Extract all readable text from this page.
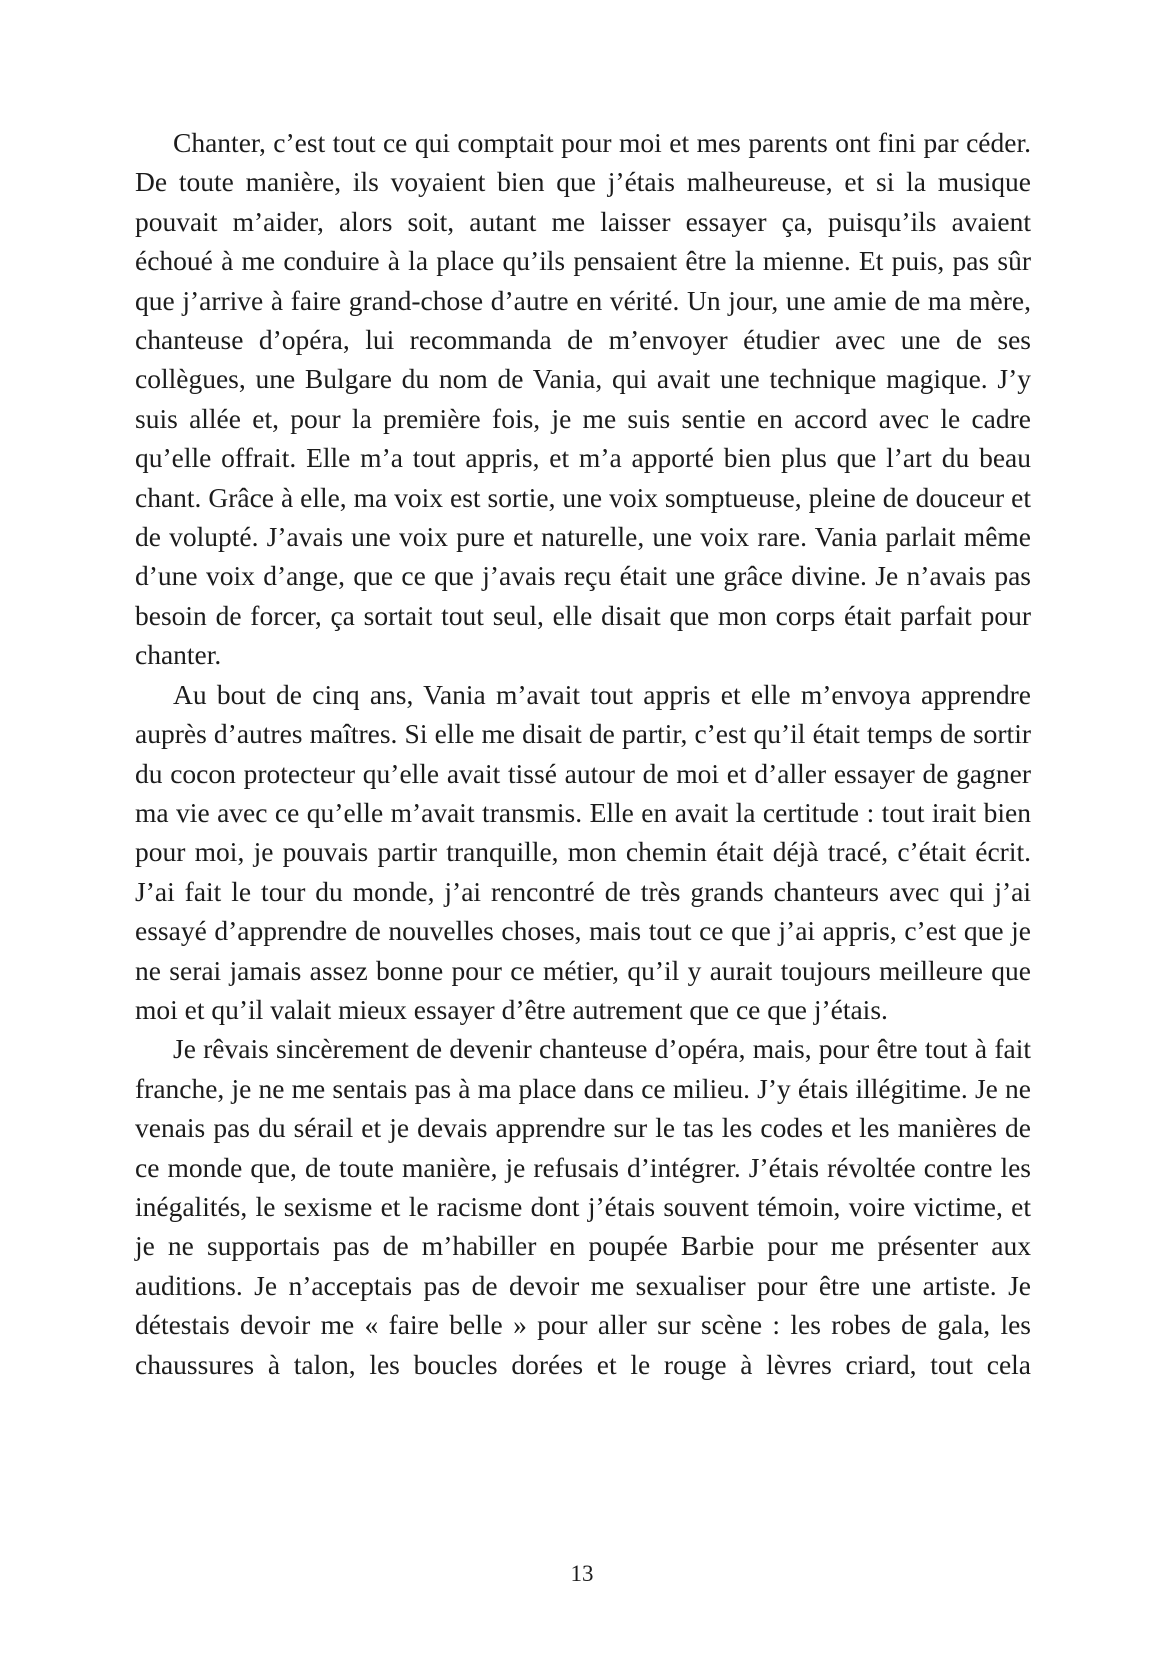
Chanter, c’est tout ce qui comptait pour moi et mes parents ont fini par céder. De toute manière, ils voyaient bien que j’étais malheureuse, et si la musique pouvait m’aider, alors soit, autant me laisser essayer ça, puisqu’ils avaient échoué à me conduire à la place qu’ils pensaient être la mienne. Et puis, pas sûr que j’arrive à faire grand-chose d’autre en vérité. Un jour, une amie de ma mère, chanteuse d’opéra, lui recommanda de m’envoyer étudier avec une de ses collègues, une Bulgare du nom de Vania, qui avait une technique magique. J’y suis allée et, pour la première fois, je me suis sentie en accord avec le cadre qu’elle offrait. Elle m’a tout appris, et m’a apporté bien plus que l’art du beau chant. Grâce à elle, ma voix est sortie, une voix somptueuse, pleine de douceur et de volupté. J’avais une voix pure et naturelle, une voix rare. Vania parlait même d’une voix d’ange, que ce que j’avais reçu était une grâce divine. Je n’avais pas besoin de forcer, ça sortait tout seul, elle disait que mon corps était parfait pour chanter.

Au bout de cinq ans, Vania m’avait tout appris et elle m’envoya apprendre auprès d’autres maîtres. Si elle me disait de partir, c’est qu’il était temps de sortir du cocon protecteur qu’elle avait tissé autour de moi et d’aller essayer de gagner ma vie avec ce qu’elle m’avait transmis. Elle en avait la certitude : tout irait bien pour moi, je pouvais partir tranquille, mon chemin était déjà tracé, c’était écrit. J’ai fait le tour du monde, j’ai rencontré de très grands chanteurs avec qui j’ai essayé d’apprendre de nouvelles choses, mais tout ce que j’ai appris, c’est que je ne serai jamais assez bonne pour ce métier, qu’il y aurait toujours meilleure que moi et qu’il valait mieux essayer d’être autrement que ce que j’étais.

Je rêvais sincèrement de devenir chanteuse d’opéra, mais, pour être tout à fait franche, je ne me sentais pas à ma place dans ce milieu. J’y étais illégitime. Je ne venais pas du sérail et je devais apprendre sur le tas les codes et les manières de ce monde que, de toute manière, je refusais d’intégrer. J’étais révoltée contre les inégalités, le sexisme et le racisme dont j’étais souvent témoin, voire victime, et je ne supportais pas de m’habiller en poupée Barbie pour me présenter aux auditions. Je n’acceptais pas de devoir me sexualiser pour être une artiste. Je détestais devoir me « faire belle » pour aller sur scène : les robes de gala, les chaussures à talon, les boucles dorées et le rouge à lèvres criard, tout cela

13
